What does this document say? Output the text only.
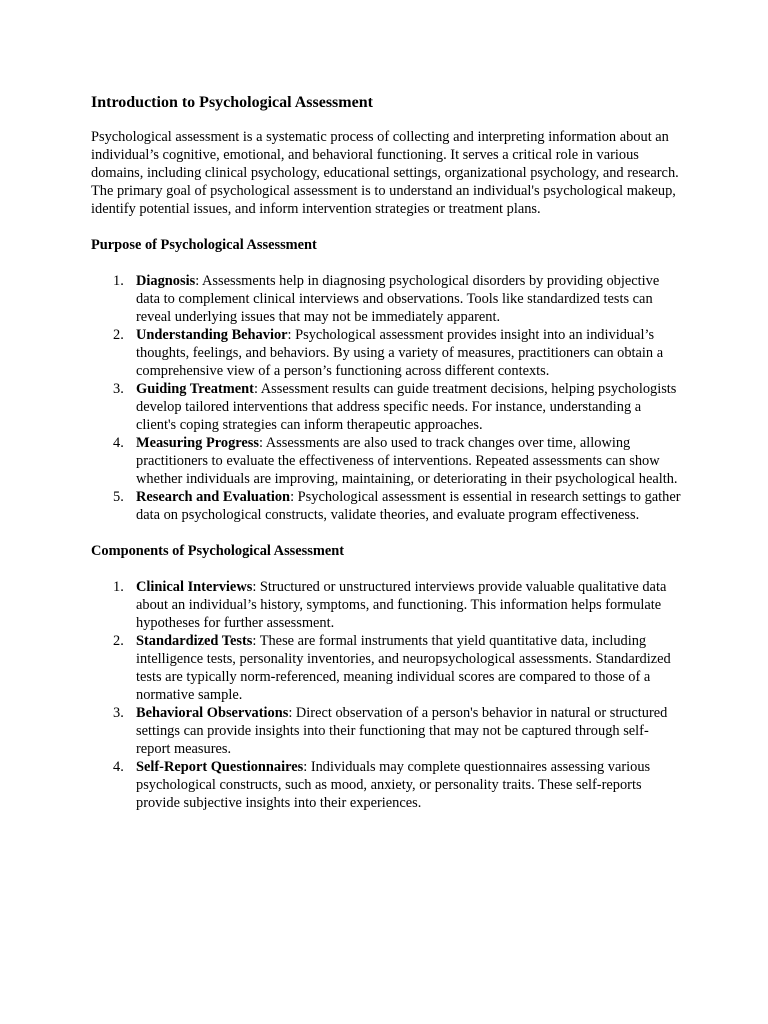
Introduction to Psychological Assessment

Psychological assessment is a systematic process of collecting and interpreting information about an individual’s cognitive, emotional, and behavioral functioning. It serves a critical role in various domains, including clinical psychology, educational settings, organizational psychology, and research. The primary goal of psychological assessment is to understand an individual's psychological makeup, identify potential issues, and inform intervention strategies or treatment plans.

Purpose of Psychological Assessment
1. Diagnosis: Assessments help in diagnosing psychological disorders by providing objective data to complement clinical interviews and observations. Tools like standardized tests can reveal underlying issues that may not be immediately apparent.
2. Understanding Behavior: Psychological assessment provides insight into an individual’s thoughts, feelings, and behaviors. By using a variety of measures, practitioners can obtain a comprehensive view of a person’s functioning across different contexts.
3. Guiding Treatment: Assessment results can guide treatment decisions, helping psychologists develop tailored interventions that address specific needs. For instance, understanding a client's coping strategies can inform therapeutic approaches.
4. Measuring Progress: Assessments are also used to track changes over time, allowing practitioners to evaluate the effectiveness of interventions. Repeated assessments can show whether individuals are improving, maintaining, or deteriorating in their psychological health.
5. Research and Evaluation: Psychological assessment is essential in research settings to gather data on psychological constructs, validate theories, and evaluate program effectiveness.
Components of Psychological Assessment
1. Clinical Interviews: Structured or unstructured interviews provide valuable qualitative data about an individual’s history, symptoms, and functioning. This information helps formulate hypotheses for further assessment.
2. Standardized Tests: These are formal instruments that yield quantitative data, including intelligence tests, personality inventories, and neuropsychological assessments. Standardized tests are typically norm-referenced, meaning individual scores are compared to those of a normative sample.
3. Behavioral Observations: Direct observation of a person's behavior in natural or structured settings can provide insights into their functioning that may not be captured through self-report measures.
4. Self-Report Questionnaires: Individuals may complete questionnaires assessing various psychological constructs, such as mood, anxiety, or personality traits. These self-reports provide subjective insights into their experiences.
